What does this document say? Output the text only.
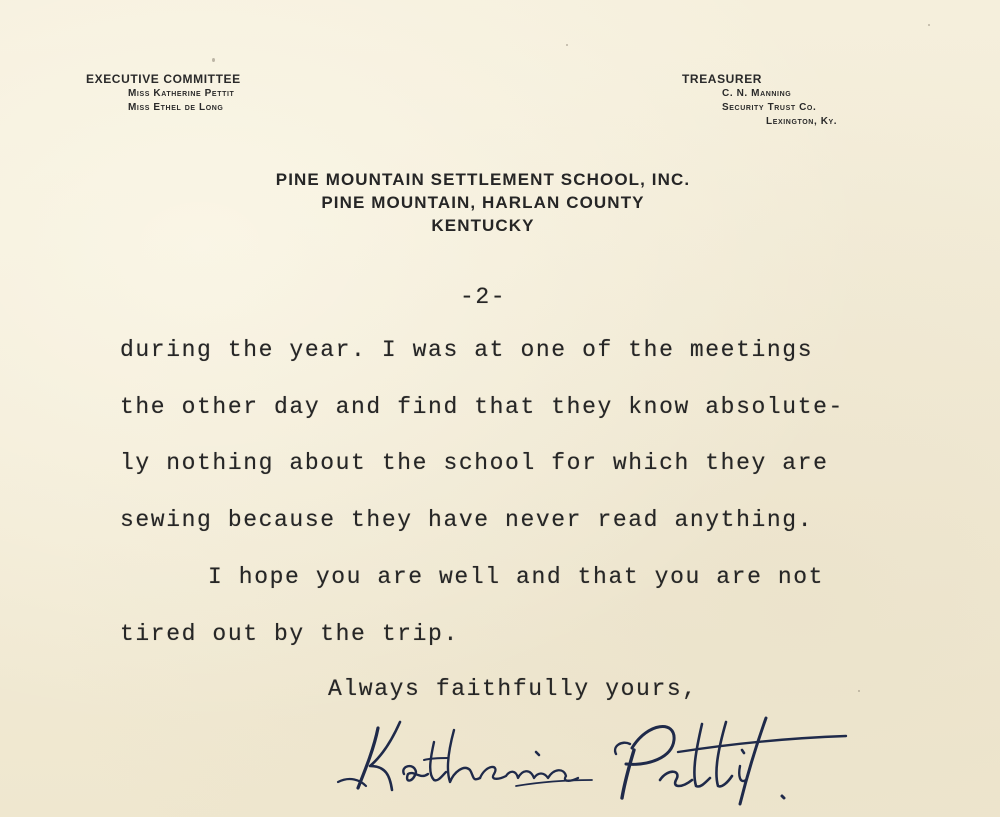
EXECUTIVE COMMITTEE
Miss Katherine Pettit
Miss Ethel de Long
TREASURER
C. N. Manning
Security Trust Co.
Lexington, Ky.
PINE MOUNTAIN SETTLEMENT SCHOOL, INC.
PINE MOUNTAIN, HARLAN COUNTY
KENTUCKY
-2-
during the year. I was at one of the meetings
the other day and find that they know absolute-
ly nothing about the school for which they are
sewing because they have never read anything.
I hope you are well and that you are not
tired out by the trip.
Always faithfully yours,
